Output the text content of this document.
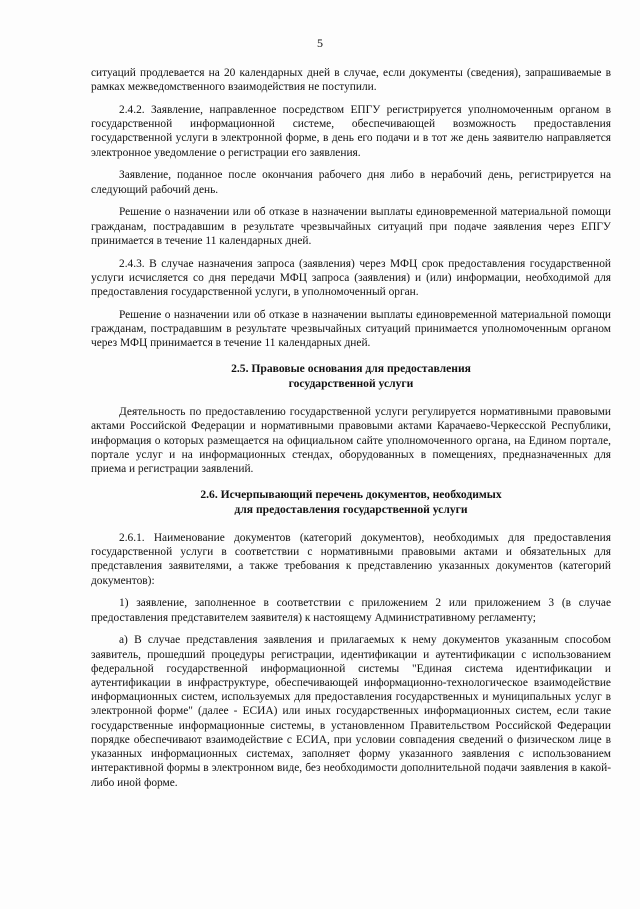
5

ситуаций продлевается на 20 календарных дней в случае, если документы (сведения), запрашиваемые в рамках межведомственного взаимодействия не поступили.

2.4.2. Заявление, направленное посредством ЕПГУ регистрируется уполномоченным органом в государственной информационной системе, обеспечивающей возможность предоставления государственной услуги в электронной форме, в день его подачи и в тот же день заявителю направляется электронное уведомление о регистрации его заявления.

Заявление, поданное после окончания рабочего дня либо в нерабочий день, регистрируется на следующий рабочий день.

Решение о назначении или об отказе в назначении выплаты единовременной материальной помощи гражданам, пострадавшим в результате чрезвычайных ситуаций при подаче заявления через ЕПГУ принимается в течение 11 календарных дней.

2.4.3. В случае назначения запроса (заявления) через МФЦ срок предоставления государственной услуги исчисляется со дня передачи МФЦ запроса (заявления) и (или) информации, необходимой для предоставления государственной услуги, в уполномоченный орган.

Решение о назначении или об отказе в назначении выплаты единовременной материальной помощи гражданам, пострадавшим в результате чрезвычайных ситуаций принимается уполномоченным органом через МФЦ принимается в течение 11 календарных дней.

2.5. Правовые основания для предоставления
государственной услуги

Деятельность по предоставлению государственной услуги регулируется нормативными правовыми актами Российской Федерации и нормативными правовыми актами Карачаево-Черкесской Республики, информация о которых размещается на официальном сайте уполномоченного органа, на Едином портале, портале услуг и на информационных стендах, оборудованных в помещениях, предназначенных для приема и регистрации заявлений.

2.6. Исчерпывающий перечень документов, необходимых
для предоставления государственной услуги

2.6.1. Наименование документов (категорий документов), необходимых для предоставления государственной услуги в соответствии с нормативными правовыми актами и обязательных для представления заявителями, а также требования к представлению указанных документов (категорий документов):

1) заявление, заполненное в соответствии с приложением 2 или приложением 3 (в случае предоставления представителем заявителя) к настоящему Административному регламенту;

а) В случае представления заявления и прилагаемых к нему документов указанным способом заявитель, прошедший процедуры регистрации, идентификации и аутентификации с использованием федеральной государственной информационной системы "Единая система идентификации и аутентификации в инфраструктуре, обеспечивающей информационно-технологическое взаимодействие информационных систем, используемых для предоставления государственных и муниципальных услуг в электронной форме" (далее - ЕСИА) или иных государственных информационных систем, если такие государственные информационные системы, в установленном Правительством Российской Федерации порядке обеспечивают взаимодействие с ЕСИА, при условии совпадения сведений о физическом лице в указанных информационных системах, заполняет форму указанного заявления с использованием интерактивной формы в электронном виде, без необходимости дополнительной подачи заявления в какой-либо иной форме.
